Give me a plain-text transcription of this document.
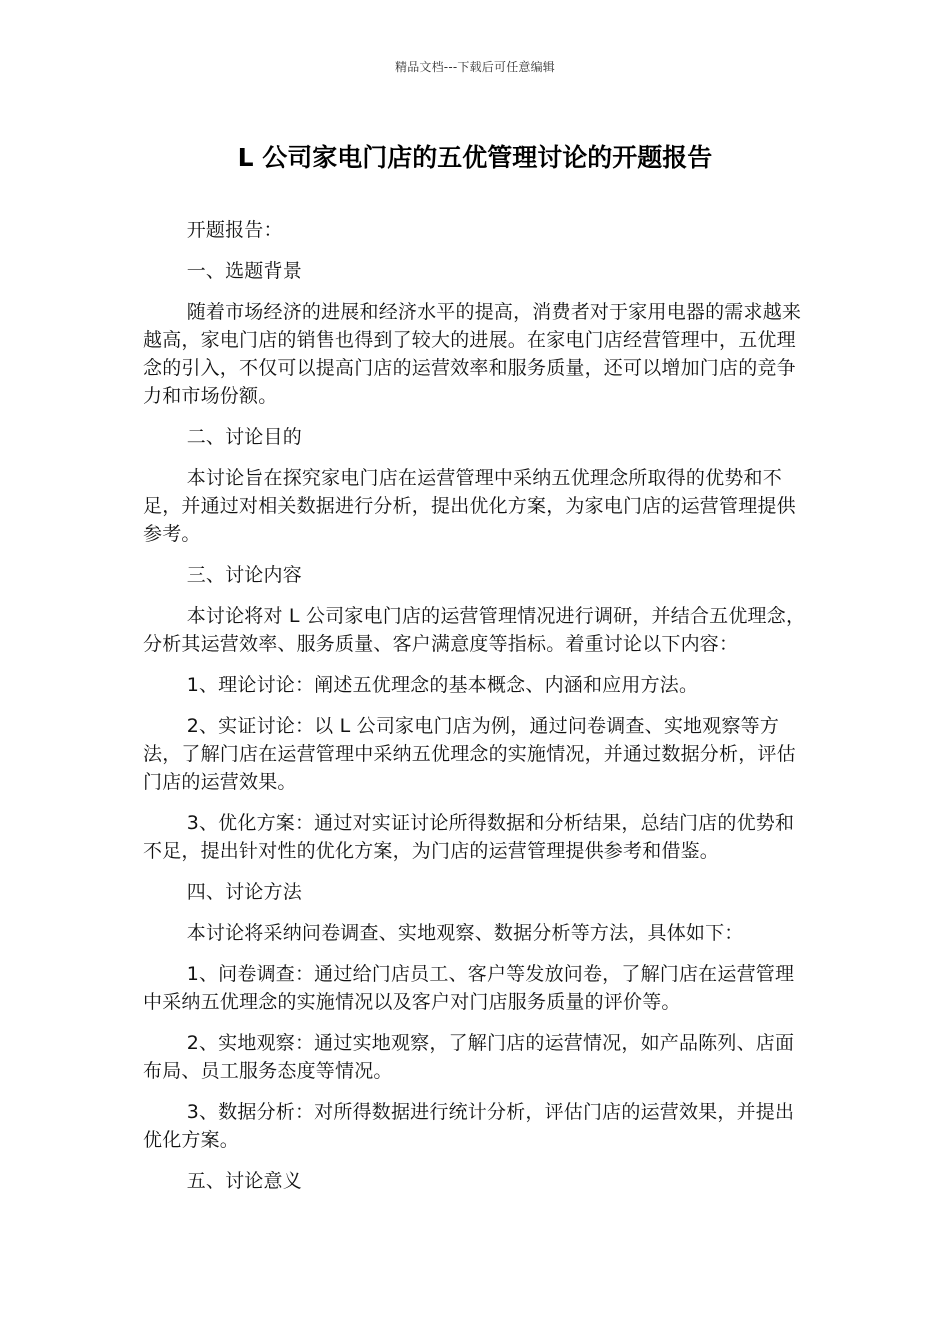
精品文档---下载后可任意编辑
L 公司家电门店的五优管理讨论的开题报告

开题报告：

一、选题背景

随着市场经济的进展和经济水平的提高，消费者对于家用电器的需求越来越高，家电门店的销售也得到了较大的进展。在家电门店经营管理中，五优理念的引入，不仅可以提高门店的运营效率和服务质量，还可以增加门店的竞争力和市场份额。

二、讨论目的

本讨论旨在探究家电门店在运营管理中采纳五优理念所取得的优势和不足，并通过对相关数据进行分析，提出优化方案，为家电门店的运营管理提供参考。

三、讨论内容

本讨论将对 L 公司家电门店的运营管理情况进行调研，并结合五优理念，分析其运营效率、服务质量、客户满意度等指标。着重讨论以下内容：

1、理论讨论：阐述五优理念的基本概念、内涵和应用方法。

2、实证讨论：以 L 公司家电门店为例，通过问卷调查、实地观察等方法，了解门店在运营管理中采纳五优理念的实施情况，并通过数据分析，评估门店的运营效果。

3、优化方案：通过对实证讨论所得数据和分析结果，总结门店的优势和不足，提出针对性的优化方案，为门店的运营管理提供参考和借鉴。

四、讨论方法

本讨论将采纳问卷调查、实地观察、数据分析等方法，具体如下：

1、问卷调查：通过给门店员工、客户等发放问卷，了解门店在运营管理中采纳五优理念的实施情况以及客户对门店服务质量的评价等。

2、实地观察：通过实地观察，了解门店的运营情况，如产品陈列、店面布局、员工服务态度等情况。

3、数据分析：对所得数据进行统计分析，评估门店的运营效果，并提出优化方案。

五、讨论意义
